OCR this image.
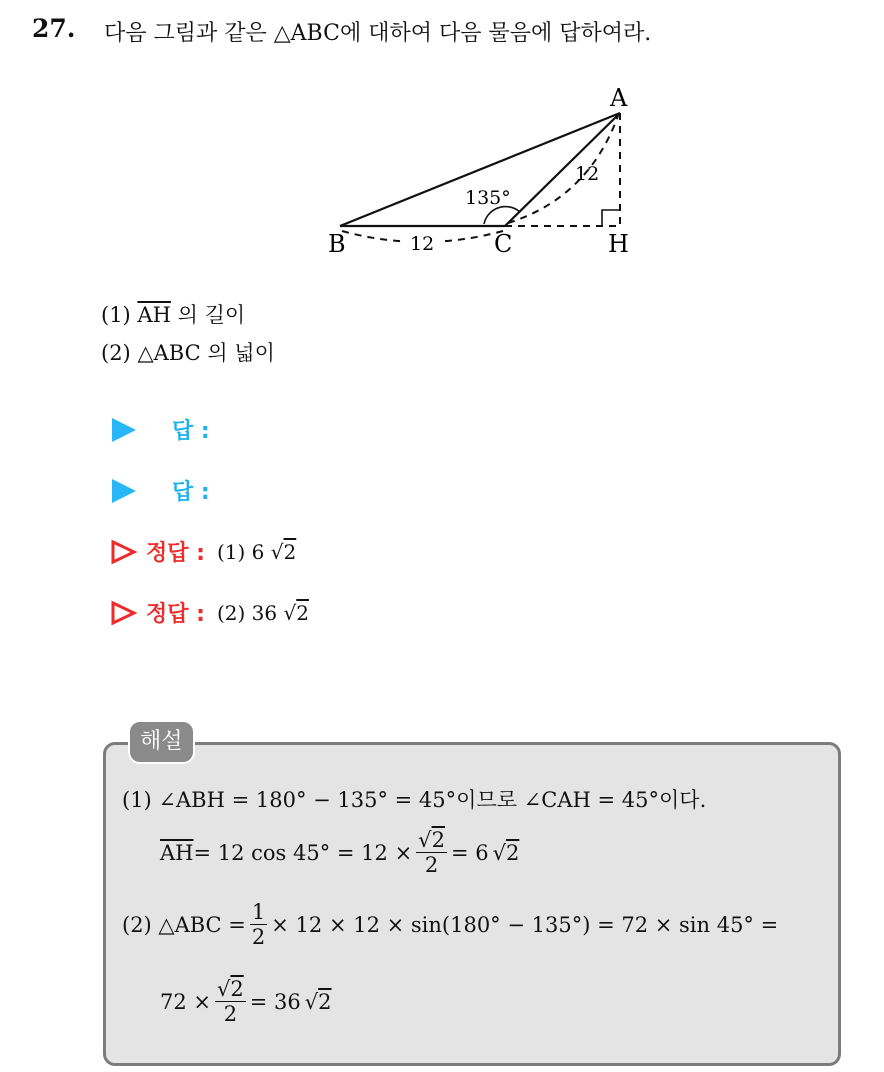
27. 다음 그림과 같은 △ABC에 대하여 다음 물음에 답하여라.
A
B	C	H
135°
12
12
(1) $\overline{AH}$ 의 길이
(2) △ABC 의 넓이
답 :
답 :
정답 : (1) 6 √2
정답 : (2) 36 √2
해설
(1) ∠ABH = 180° − 135° = 45°이므로 ∠CAH = 45°이다.
$\overline{AH} = 12$ $\cos 45^\circ = 12 \times \frac{√2}{2} = 6$ √2
(2) △ABC = $\frac{1}{2} \times 12 \times 12 \times \sin(180^\circ - 135^\circ) = 72 \times \sin 45^\circ$ =
$72 \times \frac{√2}{2} = 36$ √2
